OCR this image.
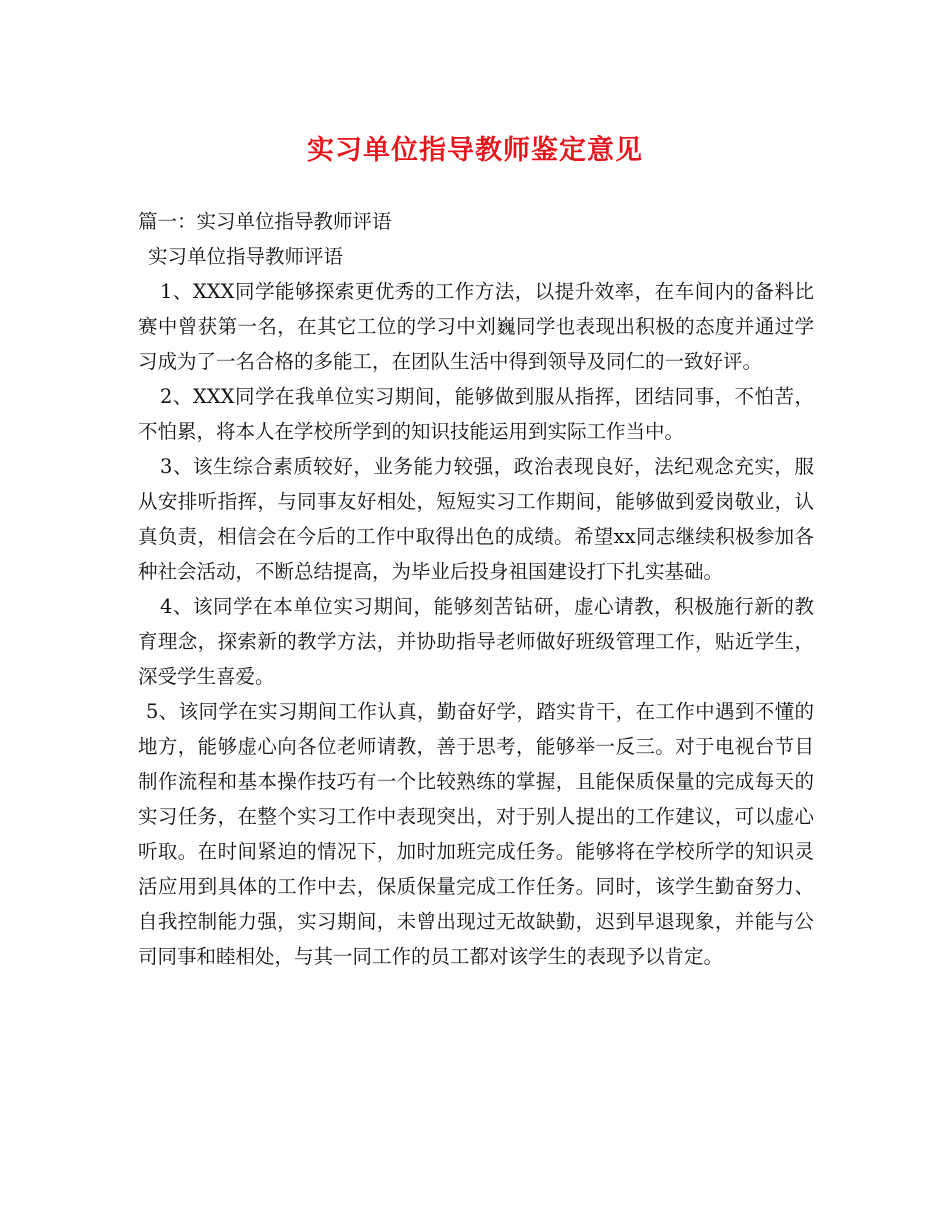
实习单位指导教师鉴定意见
篇一：实习单位指导教师评语
实习单位指导教师评语
1、XXX同学能够探索更优秀的工作方法，以提升效率，在车间内的备料比赛中曾获第一名，在其它工位的学习中刘巍同学也表现出积极的态度并通过学习成为了一名合格的多能工，在团队生活中得到领导及同仁的一致好评。
2、XXX同学在我单位实习期间，能够做到服从指挥，团结同事，不怕苦，不怕累，将本人在学校所学到的知识技能运用到实际工作当中。
3、该生综合素质较好，业务能力较强，政治表现良好，法纪观念充实，服从安排听指挥，与同事友好相处，短短实习工作期间，能够做到爱岗敬业，认真负责，相信会在今后的工作中取得出色的成绩。希望xx同志继续积极参加各种社会活动，不断总结提高，为毕业后投身祖国建设打下扎实基础。
4、该同学在本单位实习期间，能够刻苦钻研，虚心请教，积极施行新的教育理念，探索新的教学方法，并协助指导老师做好班级管理工作，贴近学生，深受学生喜爱。
5、该同学在实习期间工作认真，勤奋好学，踏实肯干，在工作中遇到不懂的地方，能够虚心向各位老师请教，善于思考，能够举一反三。对于电视台节目制作流程和基本操作技巧有一个比较熟练的掌握，且能保质保量的完成每天的实习任务，在整个实习工作中表现突出，对于别人提出的工作建议，可以虚心听取。在时间紧迫的情况下，加时加班完成任务。能够将在学校所学的知识灵活应用到具体的工作中去，保质保量完成工作任务。同时，该学生勤奋努力、自我控制能力强，实习期间，未曾出现过无故缺勤，迟到早退现象，并能与公司同事和睦相处，与其一同工作的员工都对该学生的表现予以肯定。
